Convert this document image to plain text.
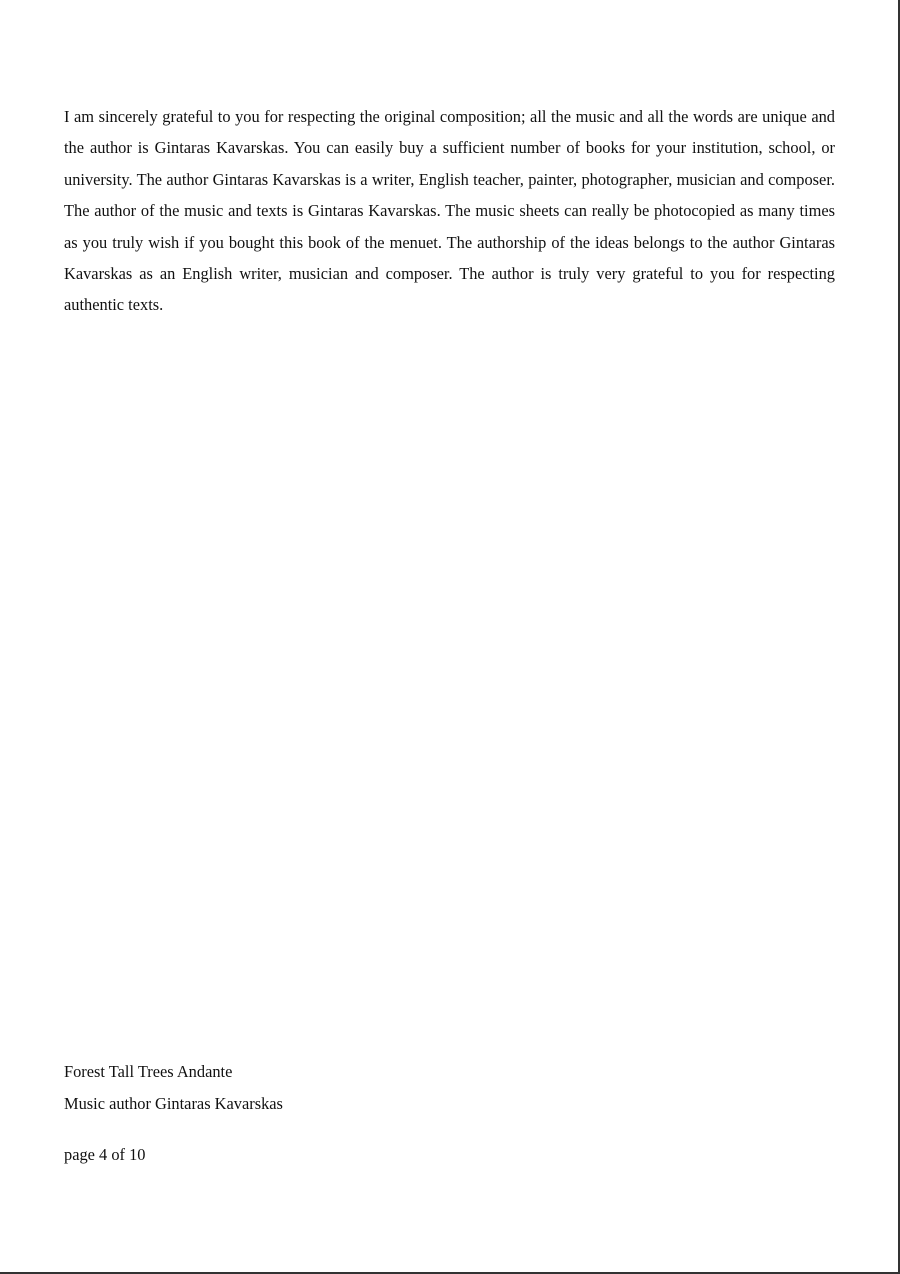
I am sincerely grateful to you for respecting the original composition; all the music and all the words are unique and the author is Gintaras Kavarskas. You can easily buy a sufficient number of books for your institution, school, or university. The author Gintaras Kavarskas is a writer, English teacher, painter, photographer, musician and composer. The author of the music and texts is Gintaras Kavarskas. The music sheets can really be photocopied as many times as you truly wish if you bought this book of the menuet. The authorship of the ideas belongs to the author Gintaras Kavarskas as an English writer, musician and composer. The author is truly very grateful to you for respecting authentic texts.

Forest Tall Trees Andante

Music author Gintaras Kavarskas

page 4 of 10
